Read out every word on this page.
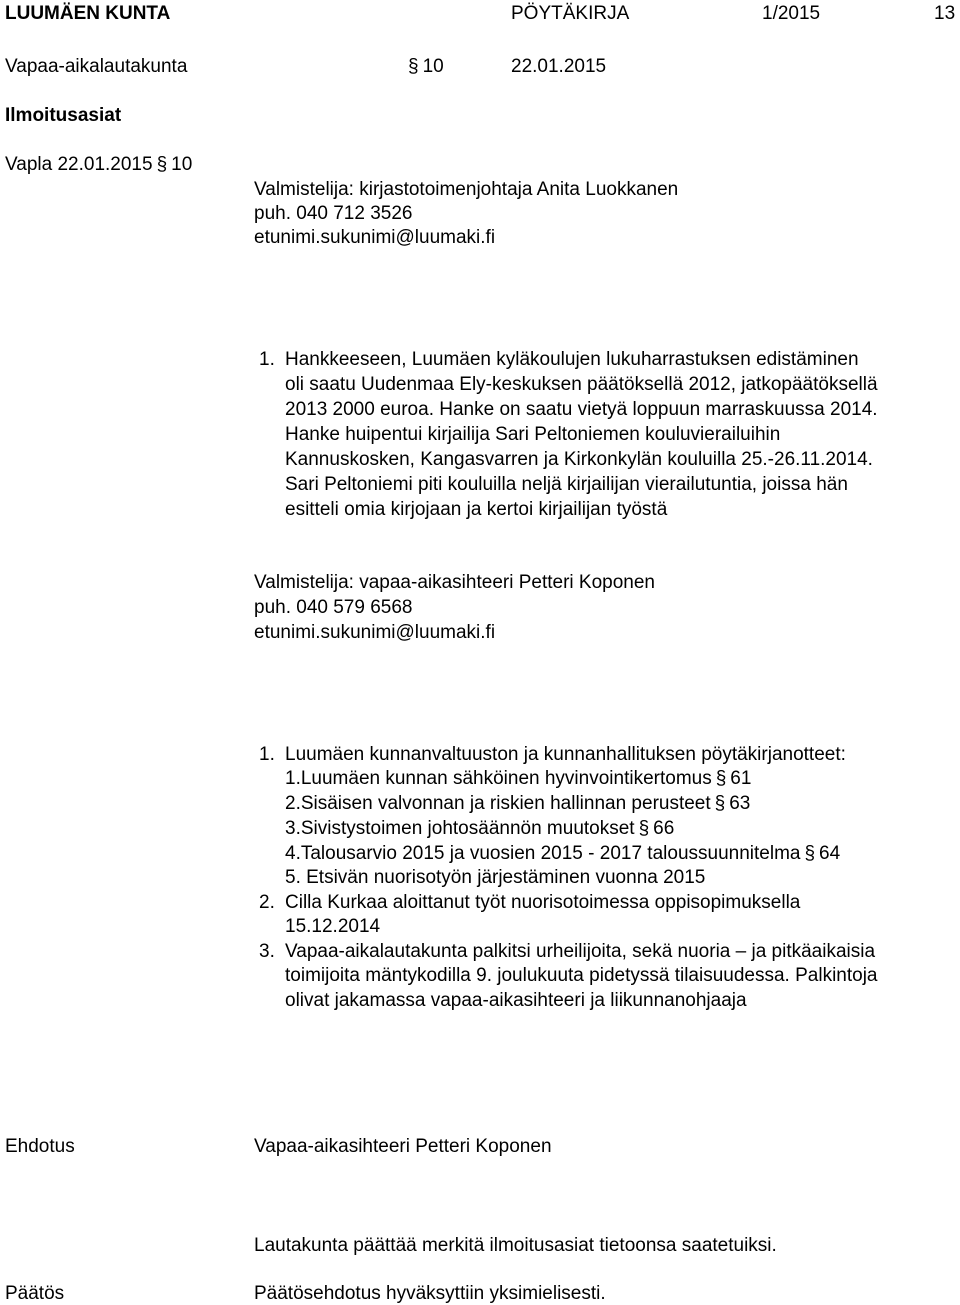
LUUMÄEN KUNTA	PÖYTÄKIRJA	1/2015	13
Vapaa-aikalautakunta	§ 10	22.01.2015
Ilmoitusasiat
Vapla 22.01.2015 § 10
Valmistelija: kirjastotoimenjohtaja Anita Luokkanen
puh. 040 712 3526
etunimi.sukunimi@luumaki.fi
1. Hankkeeseen, Luumäen kyläkoulujen lukuharrastuksen edistäminen
oli saatu Uudenmaa Ely-keskuksen päätöksellä 2012, jatkopäätöksellä
2013 2000 euroa. Hanke on saatu vietyä loppuun marraskuussa 2014.
Hanke huipentui kirjailija Sari Peltoniemen kouluvierailuihin
Kannuskosken, Kangasvarren ja Kirkonkylän kouluilla 25.-26.11.2014.
Sari Peltoniemi piti kouluilla neljä kirjailijan vierailutuntia, joissa hän
esitteli omia kirjojaan ja kertoi kirjailijan työstä
Valmistelija: vapaa-aikasihteeri Petteri Koponen
puh. 040 579 6568
etunimi.sukunimi@luumaki.fi
1. Luumäen kunnanvaltuuston ja kunnanhallituksen pöytäkirjanotteet:
1.Luumäen kunnan sähköinen hyvinvointikertomus § 61
2.Sisäisen valvonnan ja riskien hallinnan perusteet § 63
3.Sivistystoimen johtosäännön muutokset § 66
4.Talousarvio 2015 ja vuosien 2015 - 2017 taloussuunnitelma § 64
5. Etsivän nuorisotyön järjestäminen vuonna 2015
2. Cilla Kurkaa aloittanut työt nuorisotoimessa oppisopimuksella
15.12.2014
3. Vapaa-aikalautakunta palkitsi urheilijoita, sekä nuoria – ja pitkäaikaisia
toimijoita mäntykodilla 9. joulukuuta pidetyssä tilaisuudessa. Palkintoja
olivat jakamassa vapaa-aikasihteeri ja liikunnanohjaaja
Ehdotus	Vapaa-aikasihteeri Petteri Koponen
Lautakunta päättää merkitä ilmoitusasiat tietoonsa saatetuiksi.
Päätös	Päätösehdotus hyväksyttiin yksimielisesti.
